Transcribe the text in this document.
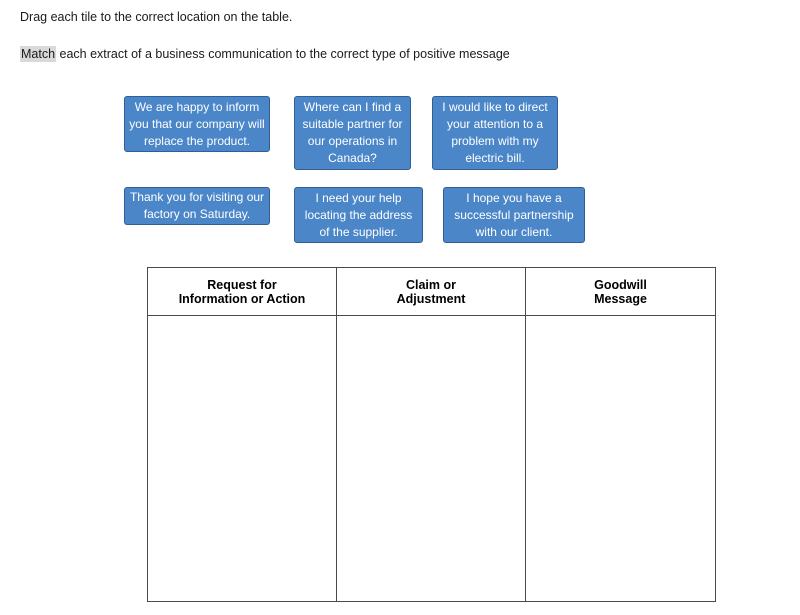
Drag each tile to the correct location on the table.
Match each extract of a business communication to the correct type of positive message
We are happy to inform you that our company will replace the product.
Where can I find a suitable partner for our operations in Canada?
I would like to direct your attention to a problem with my electric bill.
Thank you for visiting our factory on Saturday.
I need your help locating the address of the supplier.
I hope you have a successful partnership with our client.
Request for
Information or Action

Claim or
Adjustment

Goodwill
Message
